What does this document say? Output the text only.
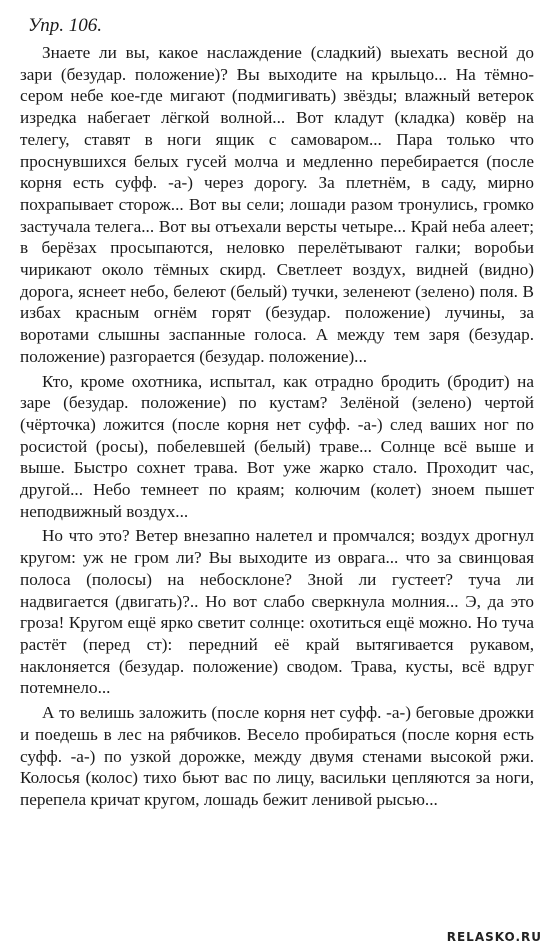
Упр. 106.

Знаете ли вы, какое наслаждение (сладкий) выехать весной до зари (безудар. положение)? Вы выходите на крыльцо... На тёмно-сером небе кое-где мигают (подмигивать) звёзды; влажный ветерок изредка набегает лёгкой волной... Вот кладут (кладка) ковёр на телегу, ставят в ноги ящик с самоваром... Пара только что проснувшихся белых гусей молча и медленно перебирается (после корня есть суфф. -а-) через дорогу. За плетнём, в саду, мирно похрапывает сторож... Вот вы сели; лошади разом тронулись, громко застучала телега... Вот вы отъехали версты четыре... Край неба алеет; в берёзах просыпаются, неловко перелётывают галки; воробьи чирикают около тёмных скирд. Светлеет воздух, видней (видно) дорога, яснеет небо, белеют (белый) тучки, зеленеют (зелено) поля. В избах красным огнём горят (безудар. положение) лучины, за воротами слышны заспанные голоса. А между тем заря (безудар. положение) разгорается (безудар. положение)...

Кто, кроме охотника, испытал, как отрадно бродить (бродит) на заре (безудар. положение) по кустам? Зелёной (зелено) чертой (чёрточка) ложится (после корня нет суфф. -а-) след ваших ног по росистой (росы), побелевшей (белый) траве... Солнце всё выше и выше. Быстро сохнет трава. Вот уже жарко стало. Проходит час, другой... Небо темнеет по краям; колючим (колет) зноем пышет неподвижный воздух...

Но что это? Ветер внезапно налетел и промчался; воздух дрогнул кругом: уж не гром ли? Вы выходите из оврага... что за свинцовая полоса (полосы) на небосклоне? Зной ли густеет? туча ли надвигается (двигать)?.. Но вот слабо сверкнула молния... Э, да это гроза! Кругом ещё ярко светит солнце: охотиться ещё можно. Но туча растёт (перед ст): передний её край вытягивается рукавом, наклоняется (безудар. положение) сводом. Трава, кусты, всё вдруг потемнело...

А то велишь заложить (после корня нет суфф. -а-) беговые дрожки и поедешь в лес на рябчиков. Весело пробираться (после корня есть суфф. -а-) по узкой дорожке, между двумя стенами высокой ржи. Колосья (колос) тихо бьют вас по лицу, васильки цепляются за ноги, перепела кричат кругом, лошадь бежит ленивой рысью...

RELASKO.RU
